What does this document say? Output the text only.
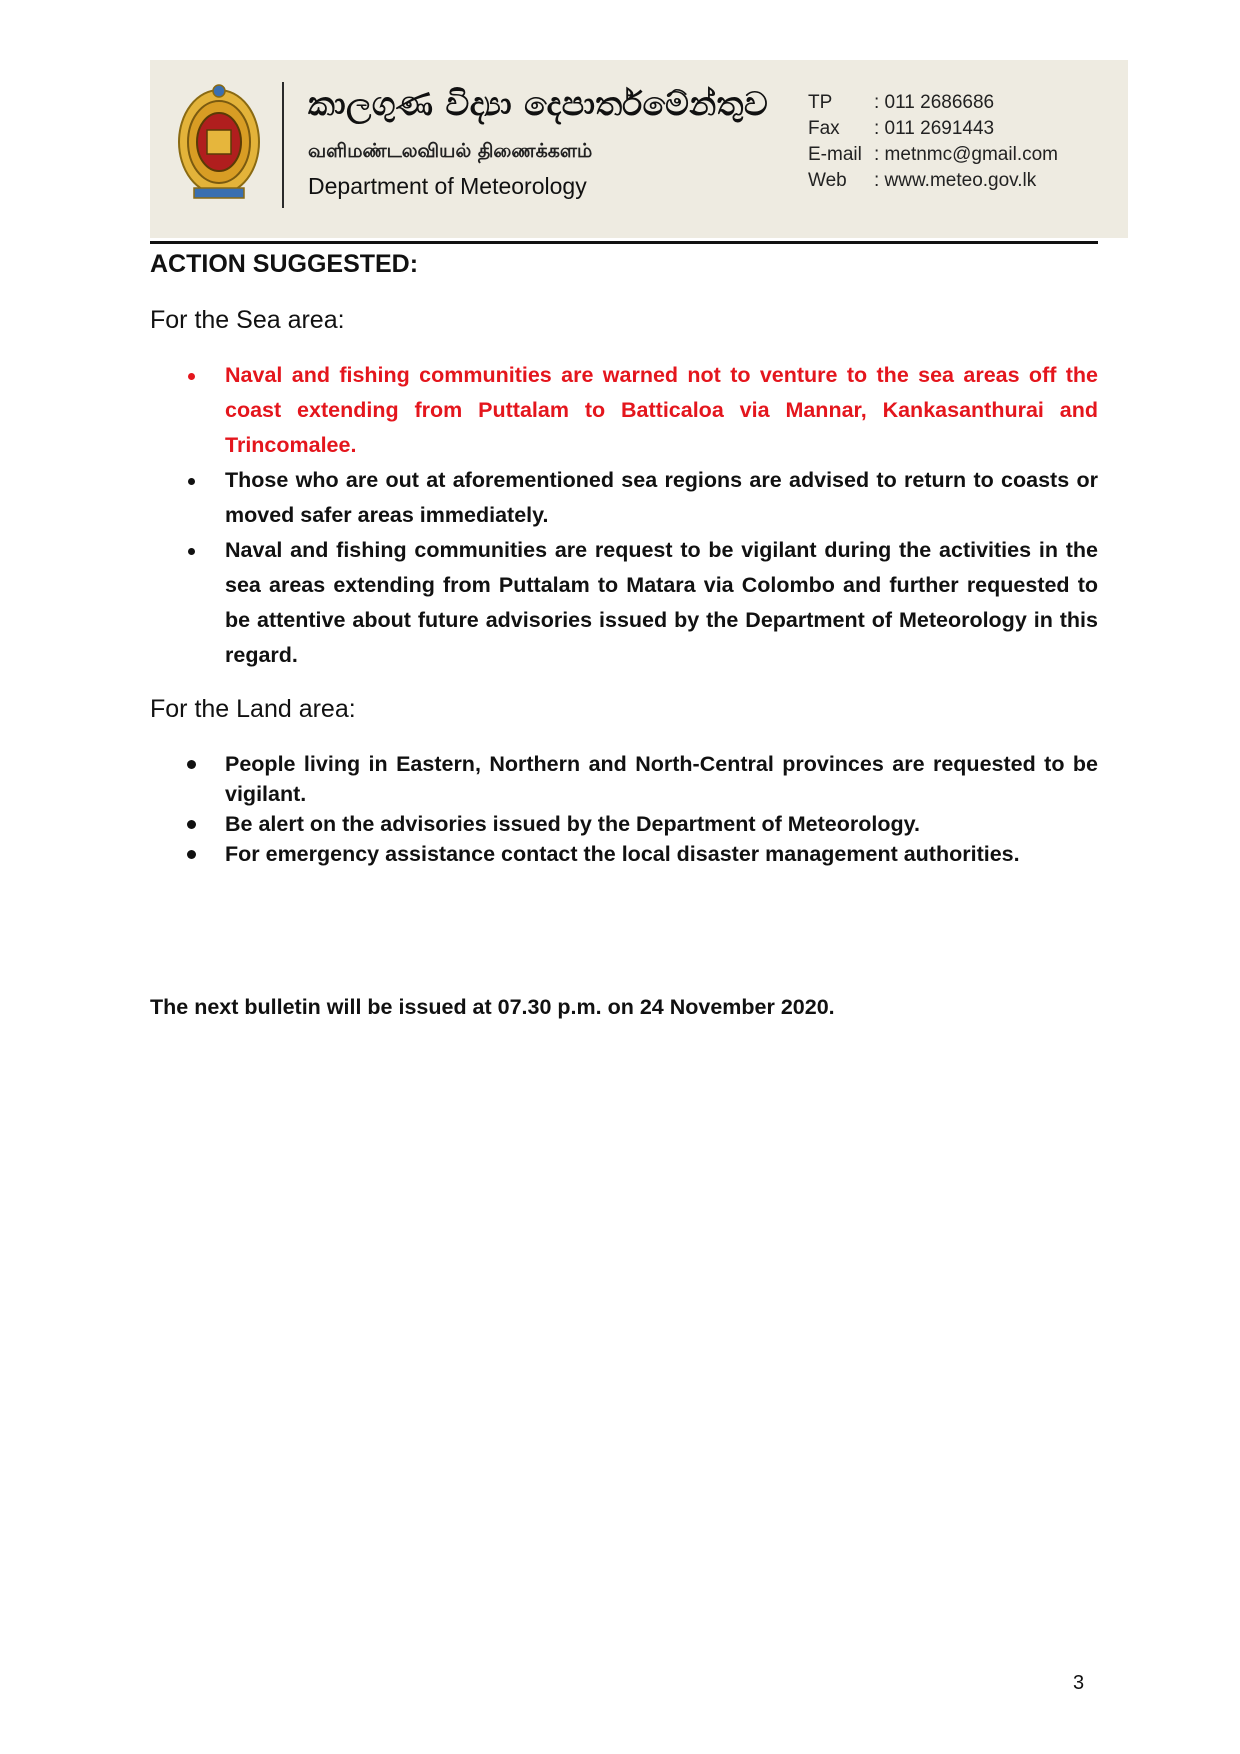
කාලගුණ විද්‍යා දෙපාර්තමේන්තුව
வளிமண்டலவியல் திணைக்களம்
Department of Meteorology
TP	: 011 2686686
Fax	: 011 2691443
E-mail : metnmc@gmail.com
Web	: www.meteo.gov.lk
ACTION SUGGESTED:
For the Sea area:
Naval and fishing communities are warned not to venture to the sea areas off the coast extending from Puttalam to Batticaloa via Mannar, Kankasanthurai and Trincomalee.
Those who are out at aforementioned sea regions are advised to return to coasts or moved safer areas immediately.
Naval and fishing communities are request to be vigilant during the activities in the sea areas extending from Puttalam to Matara via Colombo and further requested to be attentive about future advisories issued by the Department of Meteorology in this regard.
For the Land area:
People living in Eastern, Northern and North-Central provinces are requested to be vigilant.
Be alert on the advisories issued by the Department of Meteorology.
For emergency assistance contact the local disaster management authorities.
The next bulletin will be issued at 07.30 p.m. on 24 November 2020.
3
